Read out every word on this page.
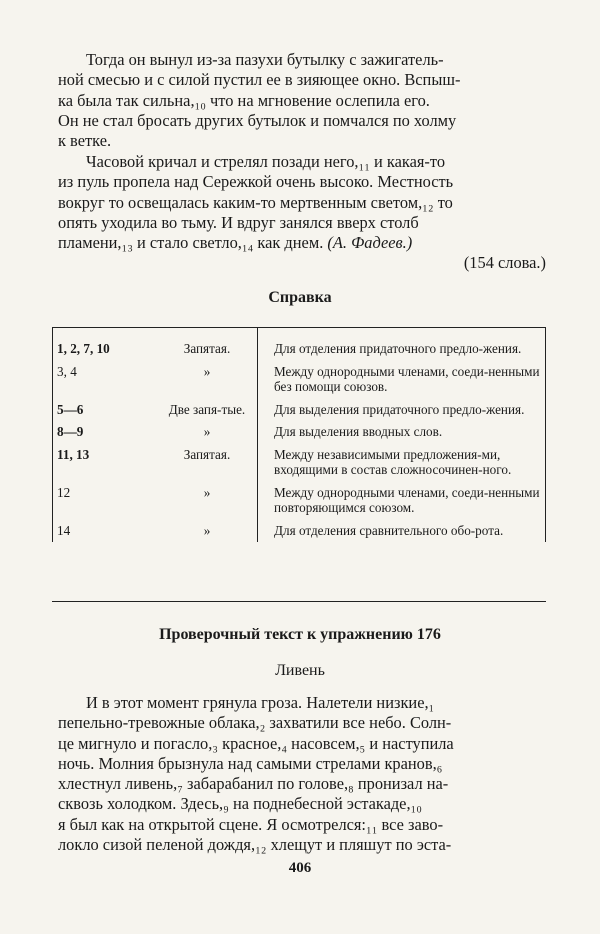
Тогда он вынул из-за пазухи бутылку с зажигатель-
ной смесью и с силой пустил ее в зияющее окно. Вспыш-
ка была так сильна,₁₀ что на мгновение ослепила его.
Он не стал бросать других бутылок и помчался по холму
к ветке.
Часовой кричал и стрелял позади него,₁₁ и какая-то
из пуль пропела над Сережкой очень высоко. Местность
вокруг то освещалась каким-то мертвенным светом,₁₂ то
опять уходила во тьму. И вдруг занялся вверх столб
пламени,₁₃ и стало светло,₁₄ как днем. (А. Фадеев.)
(154 слова.)

Справка

1, 2, 7, 10	Запятая.	Для отделения придаточного предло-жения.
3, 4	»	Между однородными членами, соеди-ненными без помощи союзов.
5—6	Две запя-тые.	Для выделения придаточного предло-жения.
8—9	»	Для выделения вводных слов.
11, 13	Запятая.	Между независимыми предложения-ми, входящими в состав сложносочинен-ного.
12	»	Между однородными членами, соеди-ненными повторяющимся союзом.
14	»	Для отделения сравнительного обо-рота.

Проверочный текст к упражнению 176

Ливень

И в этот момент грянула гроза. Налетели низкие,₁
пепельно-тревожные облака,₂ захватили все небо. Солн-
це мигнуло и погасло,₃ красное,₄ насовсем,₅ и наступила
ночь. Молния брызнула над самыми стрелами кранов,₆
хлестнул ливень,₇ забарабанил по голове,₈ пронизал на-
сквозь холодком. Здесь,₉ на поднебесной эстакаде,₁₀
я был как на открытой сцене. Я осмотрелся:₁₁ все заво-
локло сизой пеленой дождя,₁₂ хлещут и пляшут по эста-
406
